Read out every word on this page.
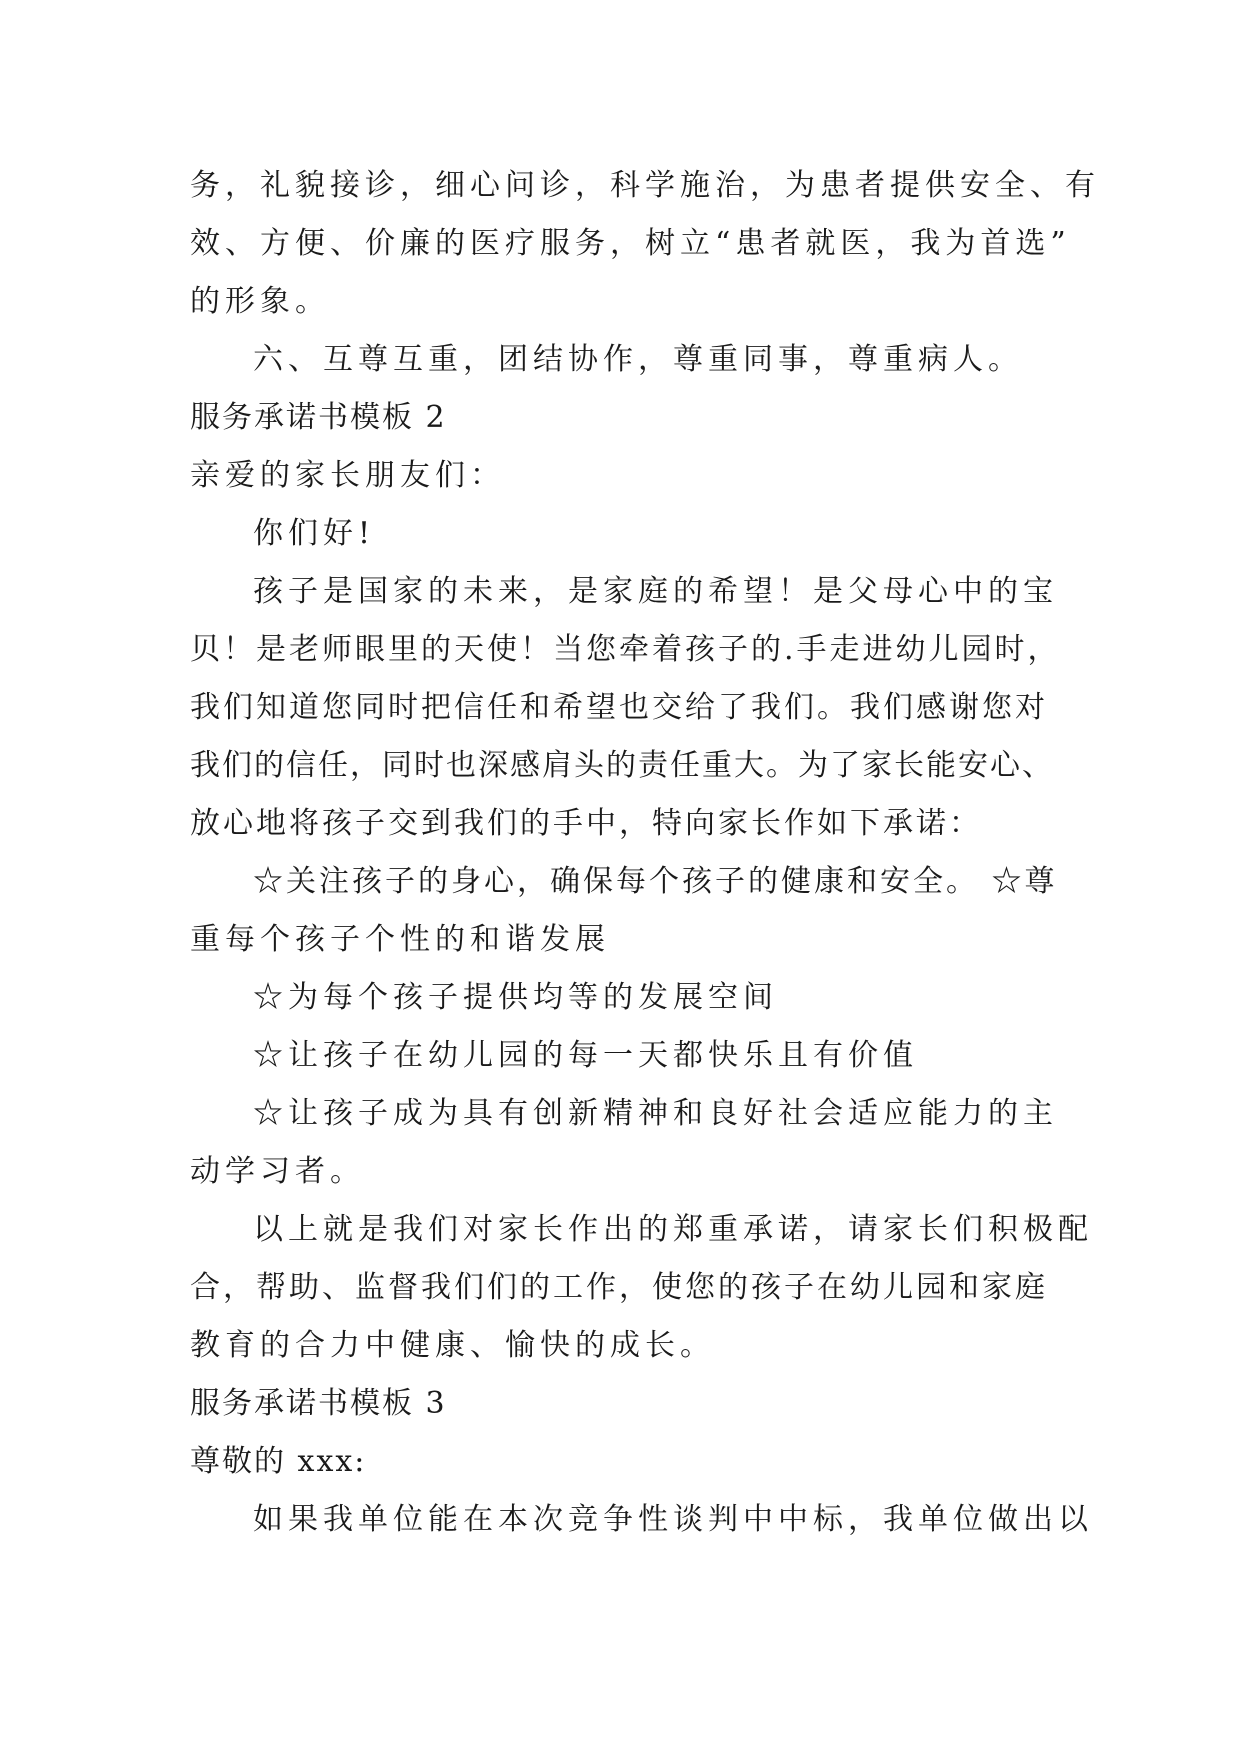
务，礼貌接诊，细心问诊，科学施治，为患者提供安全、有
效、方便、价廉的医疗服务，树立“患者就医，我为首选”
的形象。
六、互尊互重，团结协作，尊重同事，尊重病人。
服务承诺书模板 2
亲爱的家长朋友们：
你们好!
孩子是国家的未来，是家庭的希望！是父母心中的宝
贝！是老师眼里的天使！当您牵着孩子的.手走进幼儿园时，
我们知道您同时把信任和希望也交给了我们。我们感谢您对
我们的信任，同时也深感肩头的责任重大。为了家长能安心、
放心地将孩子交到我们的手中，特向家长作如下承诺：
☆关注孩子的身心，确保每个孩子的健康和安全。 ☆尊
重每个孩子个性的和谐发展
☆为每个孩子提供均等的发展空间
☆让孩子在幼儿园的每一天都快乐且有价值
☆让孩子成为具有创新精神和良好社会适应能力的主
动学习者。
以上就是我们对家长作出的郑重承诺，请家长们积极配
合，帮助、监督我们们的工作，使您的孩子在幼儿园和家庭
教育的合力中健康、愉快的成长。
服务承诺书模板 3
尊敬的 xxx:
如果我单位能在本次竞争性谈判中中标，我单位做出以
